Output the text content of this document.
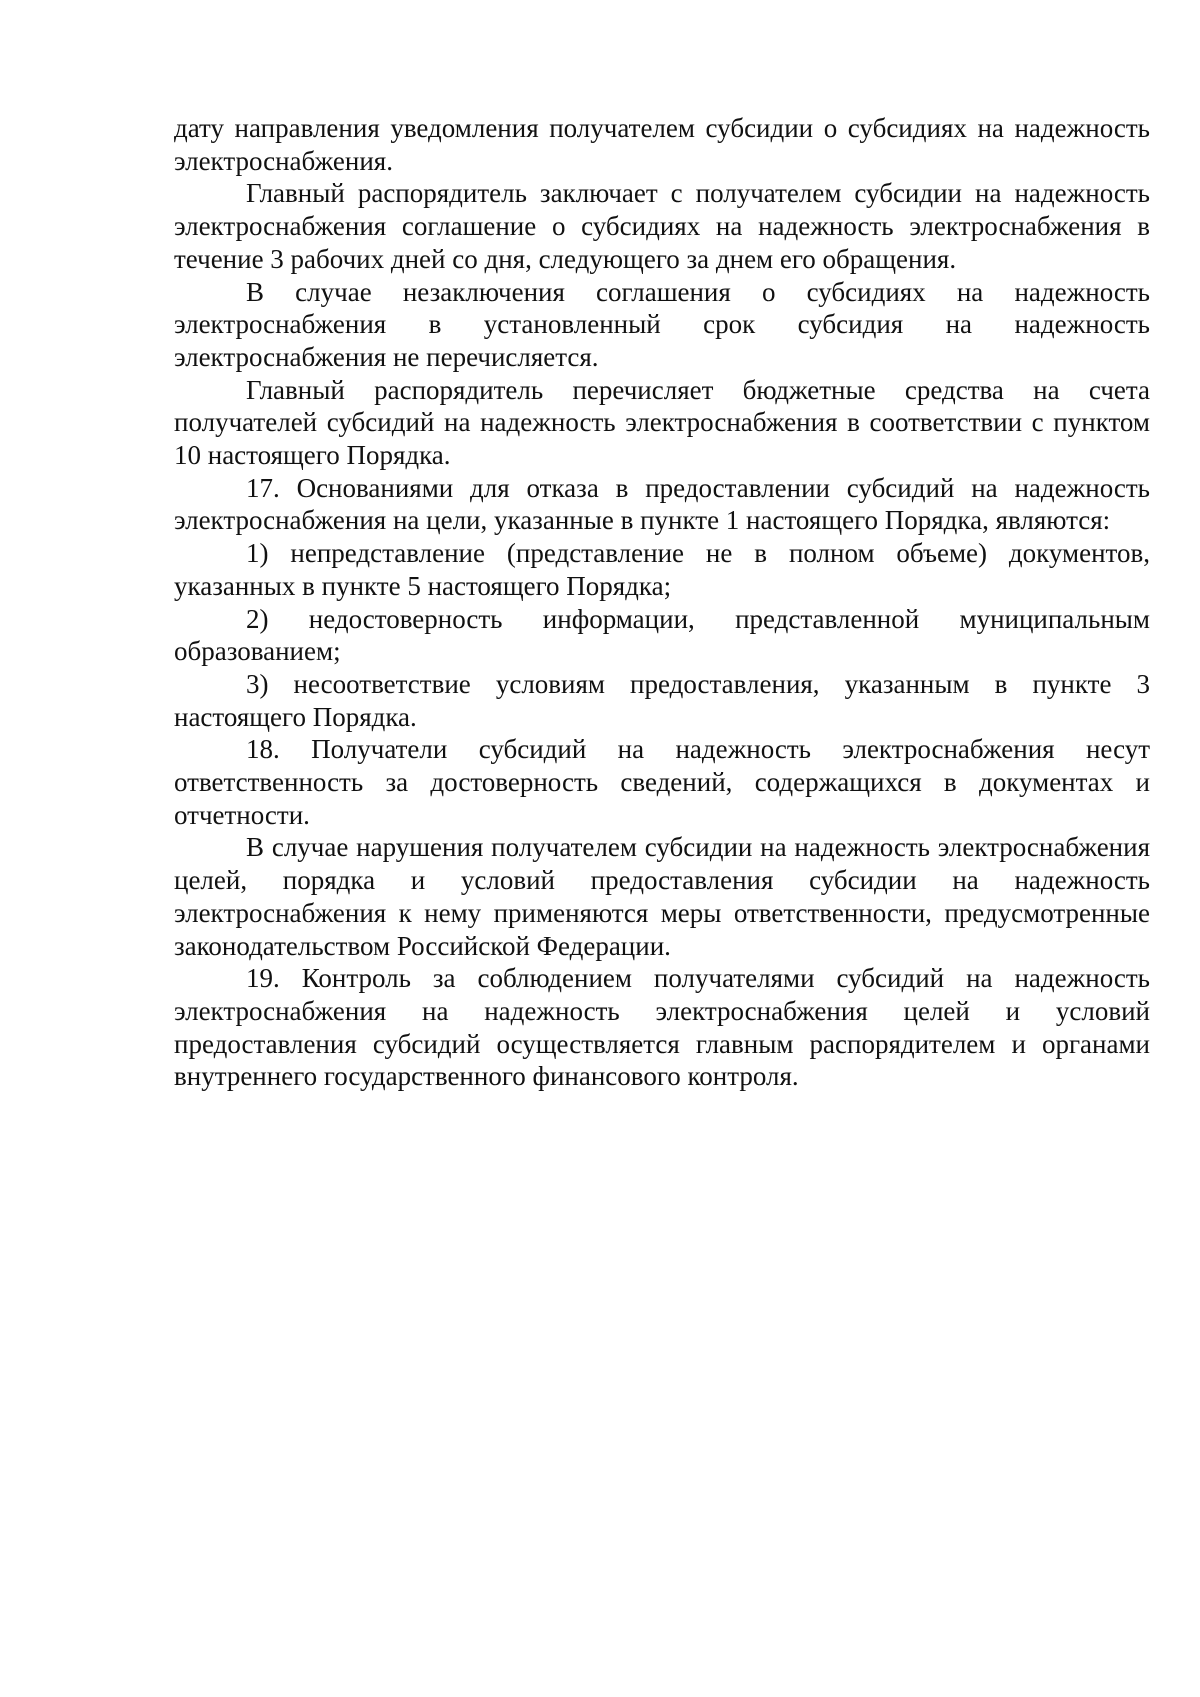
дату направления уведомления получателем субсидии о субсидиях на надежность электроснабжения.

Главный распорядитель заключает с получателем субсидии на надежность электроснабжения соглашение о субсидиях на надежность электроснабжения в течение 3 рабочих дней со дня, следующего за днем его обращения.

В случае незаключения соглашения о субсидиях на надежность электроснабжения в установленный срок субсидия на надежность электроснабжения не перечисляется.

Главный распорядитель перечисляет бюджетные средства на счета получателей субсидий на надежность электроснабжения в соответствии с пунктом 10 настоящего Порядка.

17. Основаниями для отказа в предоставлении субсидий на надежность электроснабжения на цели, указанные в пункте 1 настоящего Порядка, являются:

1) непредставление (представление не в полном объеме) документов, указанных в пункте 5 настоящего Порядка;

2) недостоверность информации, представленной муниципальным образованием;

3) несоответствие условиям предоставления, указанным в пункте 3 настоящего Порядка.

18. Получатели субсидий на надежность электроснабжения несут ответственность за достоверность сведений, содержащихся в документах и отчетности.

В случае нарушения получателем субсидии на надежность электроснабжения целей, порядка и условий предоставления субсидии на надежность электроснабжения к нему применяются меры ответственности, предусмотренные законодательством Российской Федерации.

19. Контроль за соблюдением получателями субсидий на надежность электроснабжения на надежность электроснабжения целей и условий предоставления субсидий осуществляется главным распорядителем и органами внутреннего государственного финансового контроля.
